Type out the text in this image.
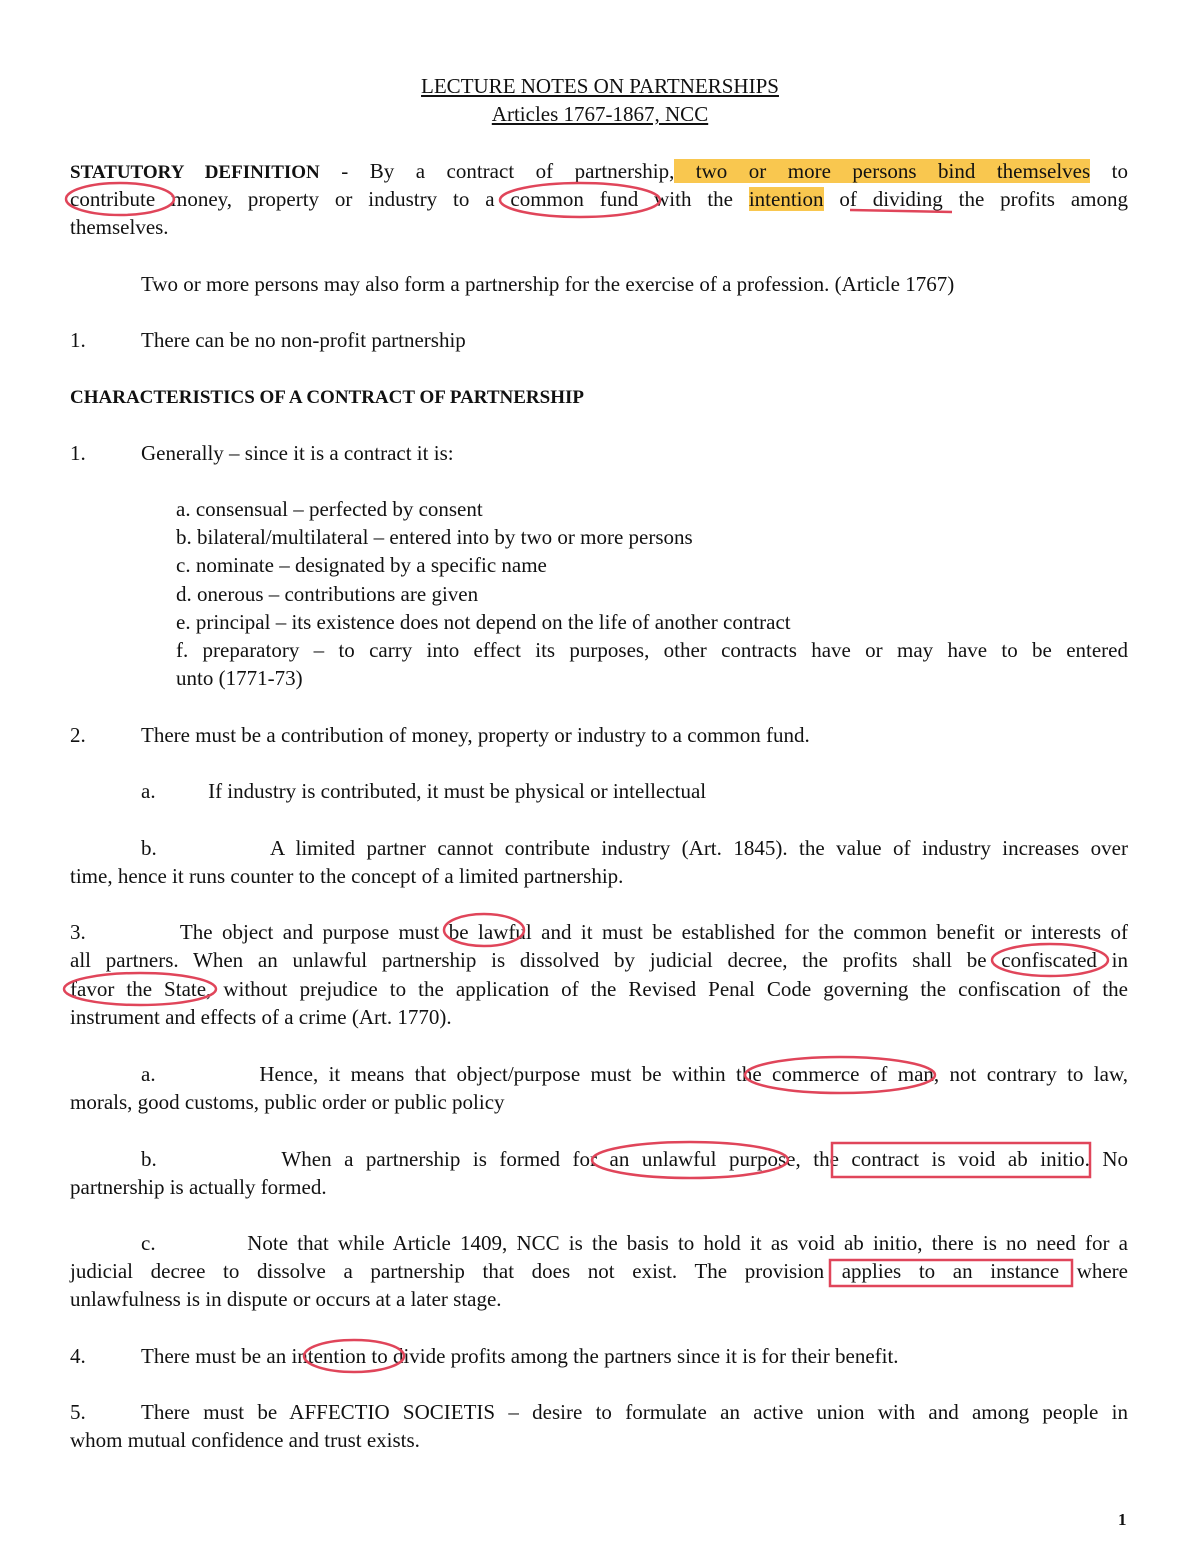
LECTURE NOTES ON PARTNERSHIPS
Articles 1767-1867, NCC
STATUTORY DEFINITION - By a contract of partnership, two or more persons bind themselves to
contribute money, property or industry to a common fund with the intention of dividing the profits among
themselves.
Two or more persons may also form a partnership for the exercise of a profession. (Article 1767)
1.	There can be no non-profit partnership
CHARACTERISTICS OF A CONTRACT OF PARTNERSHIP
1.	Generally – since it is a contract it is:
a. consensual – perfected by consent
b. bilateral/multilateral – entered into by two or more persons
c. nominate – designated by a specific name
d. onerous – contributions are given
e. principal – its existence does not depend on the life of another contract
f. preparatory – to carry into effect its purposes, other contracts have or may have to be entered
unto (1771-73)
2.	There must be a contribution of money, property or industry to a common fund.
a.          If industry is contributed, it must be physical or intellectual
b.          A limited partner cannot contribute industry (Art. 1845). the value of industry increases over
time, hence it runs counter to the concept of a limited partnership.
3.          The object and purpose must be lawful and it must be established for the common benefit or interests of
all partners. When an unlawful partnership is dissolved by judicial decree, the profits shall be confiscated in
favor the State, without prejudice to the application of the Revised Penal Code governing the confiscation of the
instrument and effects of a crime (Art. 1770).
a.          Hence, it means that object/purpose must be within the commerce of man, not contrary to law,
morals, good customs, public order or public policy
b.          When a partnership is formed for an unlawful purpose, the contract is void ab initio. No
partnership is actually formed.
c.          Note that while Article 1409, NCC is the basis to hold it as void ab initio, there is no need for a
judicial decree to dissolve a partnership that does not exist. The provision applies to an instance where
unlawfulness is in dispute or occurs at a later stage.
4.	There must be an intention to divide profits among the partners since it is for their benefit.
5.	There must be AFFECTIO SOCIETIS – desire to formulate an active union with and among people in
whom mutual confidence and trust exists.
1
